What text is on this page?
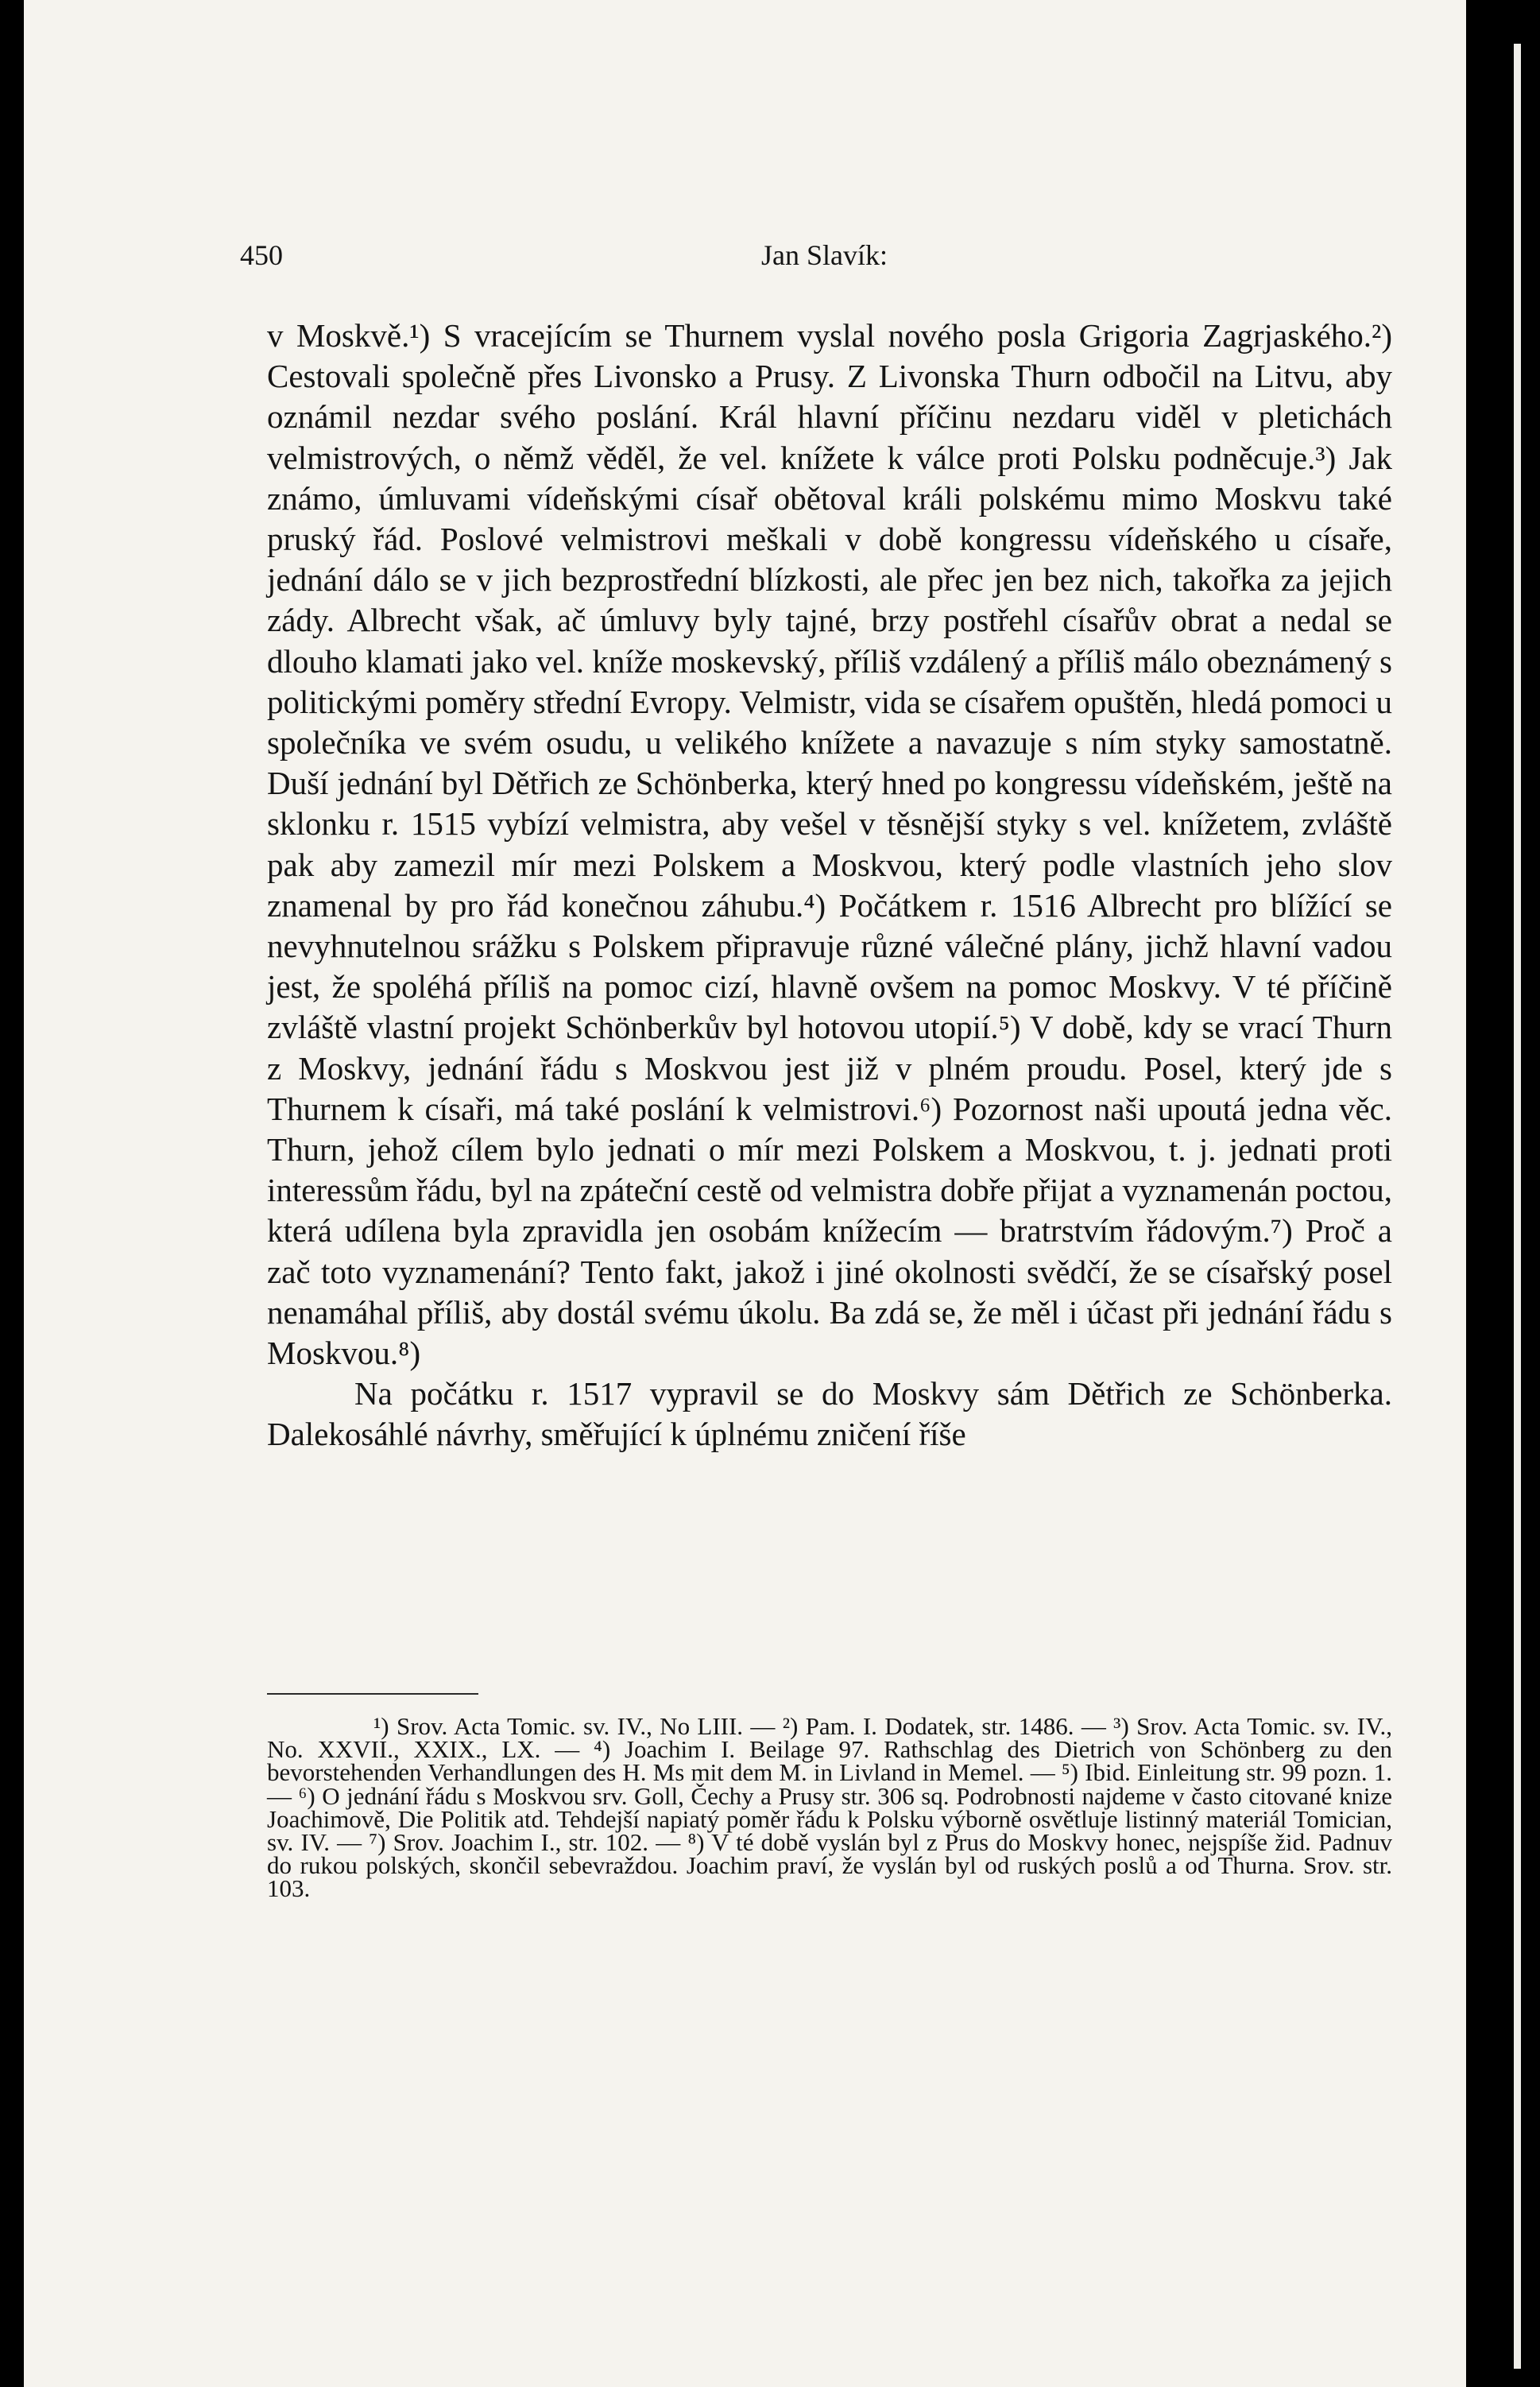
450	Jan Slavík:

v Moskvě.¹) S vracejícím se Thurnem vyslal nového posla Grigoria Zagrjaského.²) Cestovali společně přes Livonsko a Prusy. Z Livonska Thurn odbočil na Litvu, aby oznámil nezdar svého poslání. Král hlavní příčinu nezdaru viděl v pletichách velmistrových, o němž věděl, že vel. knížete k válce proti Polsku podněcuje.³) Jak známo, úmluvami vídeňskými císař obětoval králi polskému mimo Moskvu také pruský řád. Poslové velmistrovi meškali v době kongressu vídeňského u císaře, jednání dálo se v jich bezprostřední blízkosti, ale přec jen bez nich, takořka za jejich zády. Albrecht však, ač úmluvy byly tajné, brzy postřehl císařův obrat a nedal se dlouho klamati jako vel. kníže moskevský, příliš vzdálený a příliš málo obeznámený s politickými poměry střední Evropy. Velmistr, vida se císařem opuštěn, hledá pomoci u společníka ve svém osudu, u velikého knížete a navazuje s ním styky samostatně. Duší jednání byl Dětřich ze Schönberka, který hned po kongressu vídeňském, ještě na sklonku r. 1515 vybízí velmistra, aby vešel v těsnější styky s vel. knížetem, zvláště pak aby zamezil mír mezi Polskem a Moskvou, který podle vlastních jeho slov znamenal by pro řád konečnou záhubu.⁴) Počátkem r. 1516 Albrecht pro blížící se nevyhnutelnou srážku s Polskem připravuje různé válečné plány, jichž hlavní vadou jest, že spoléhá příliš na pomoc cizí, hlavně ovšem na pomoc Moskvy. V té příčině zvláště vlastní projekt Schönberkův byl hotovou utopií.⁵) V době, kdy se vrací Thurn z Moskvy, jednání řádu s Moskvou jest již v plném proudu. Posel, který jde s Thurnem k císaři, má také poslání k velmistrovi.⁶) Pozornost naši upoutá jedna věc. Thurn, jehož cílem bylo jednati o mír mezi Polskem a Moskvou, t. j. jednati proti interessům řádu, byl na zpáteční cestě od velmistra dobře přijat a vyznamenán poctou, která udílena byla zpravidla jen osobám knížecím — bratrstvím řádovým.⁷) Proč a zač toto vyznamenání? Tento fakt, jakož i jiné okolnosti svědčí, že se císařský posel nenamáhal příliš, aby dostál svému úkolu. Ba zdá se, že měl i účast při jednání řádu s Moskvou.⁸)

Na počátku r. 1517 vypravil se do Moskvy sám Dětřich ze Schönberka. Dalekosáhlé návrhy, směřující k úplnému zničení říše

¹) Srov. Acta Tomic. sv. IV., No LIII. — ²) Pam. I. Dodatek, str. 1486. — ³) Srov. Acta Tomic. sv. IV., No. XXVII., XXIX., LX. — ⁴) Joachim I. Beilage 97. Rathschlag des Dietrich von Schönberg zu den bevorstehenden Verhandlungen des H. Ms mit dem M. in Livland in Memel. — ⁵) Ibid. Einleitung str. 99 pozn. 1. — ⁶) O jednání řádu s Moskvou srv. Goll, Čechy a Prusy str. 306 sq. Podrobnosti najdeme v často citované knize Joachimově, Die Politik atd. Tehdejší napiatý poměr řádu k Polsku výborně osvětluje listinný materiál Tomician, sv. IV. — ⁷) Srov. Joachim I., str. 102. — ⁸) V té době vyslán byl z Prus do Moskvy honec, nejspíše žid. Padnuv do rukou polských, skončil sebevraždou. Joachim praví, že vyslán byl od ruských poslů a od Thurna. Srov. str. 103.
